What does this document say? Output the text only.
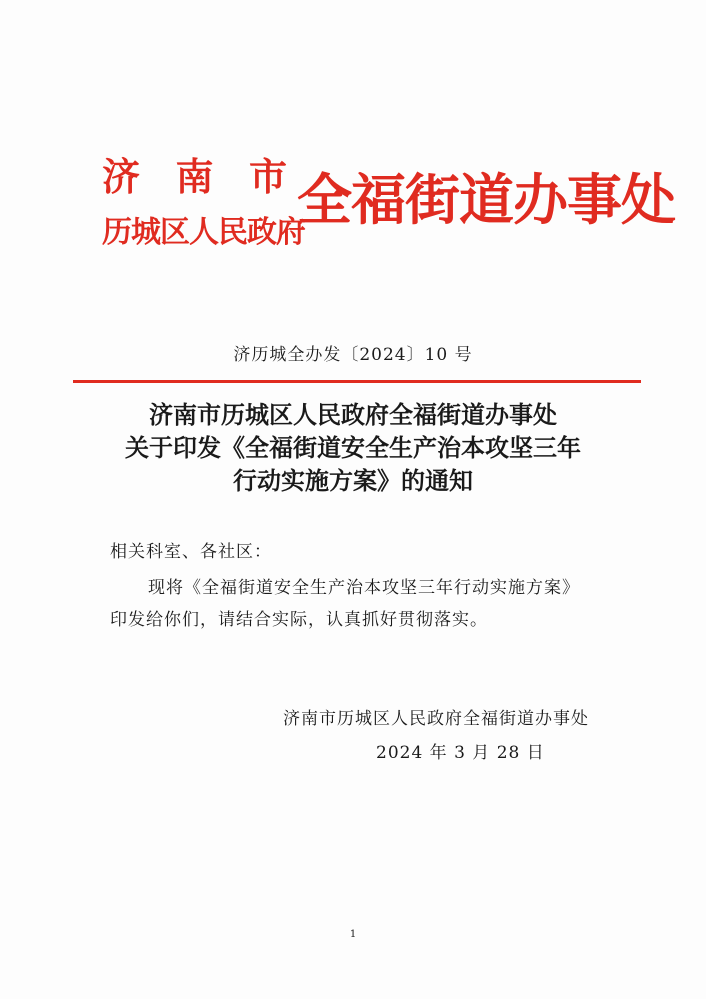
济 南 市
历城区人民政府
全福街道办事处
济历城全办发〔2024〕10 号
济南市历城区人民政府全福街道办事处
关于印发《全福街道安全生产治本攻坚三年
行动实施方案》的通知
相关科室、各社区：
现将《全福街道安全生产治本攻坚三年行动实施方案》
印发给你们，请结合实际，认真抓好贯彻落实。
济南市历城区人民政府全福街道办事处
2024 年 3 月 28 日
1
